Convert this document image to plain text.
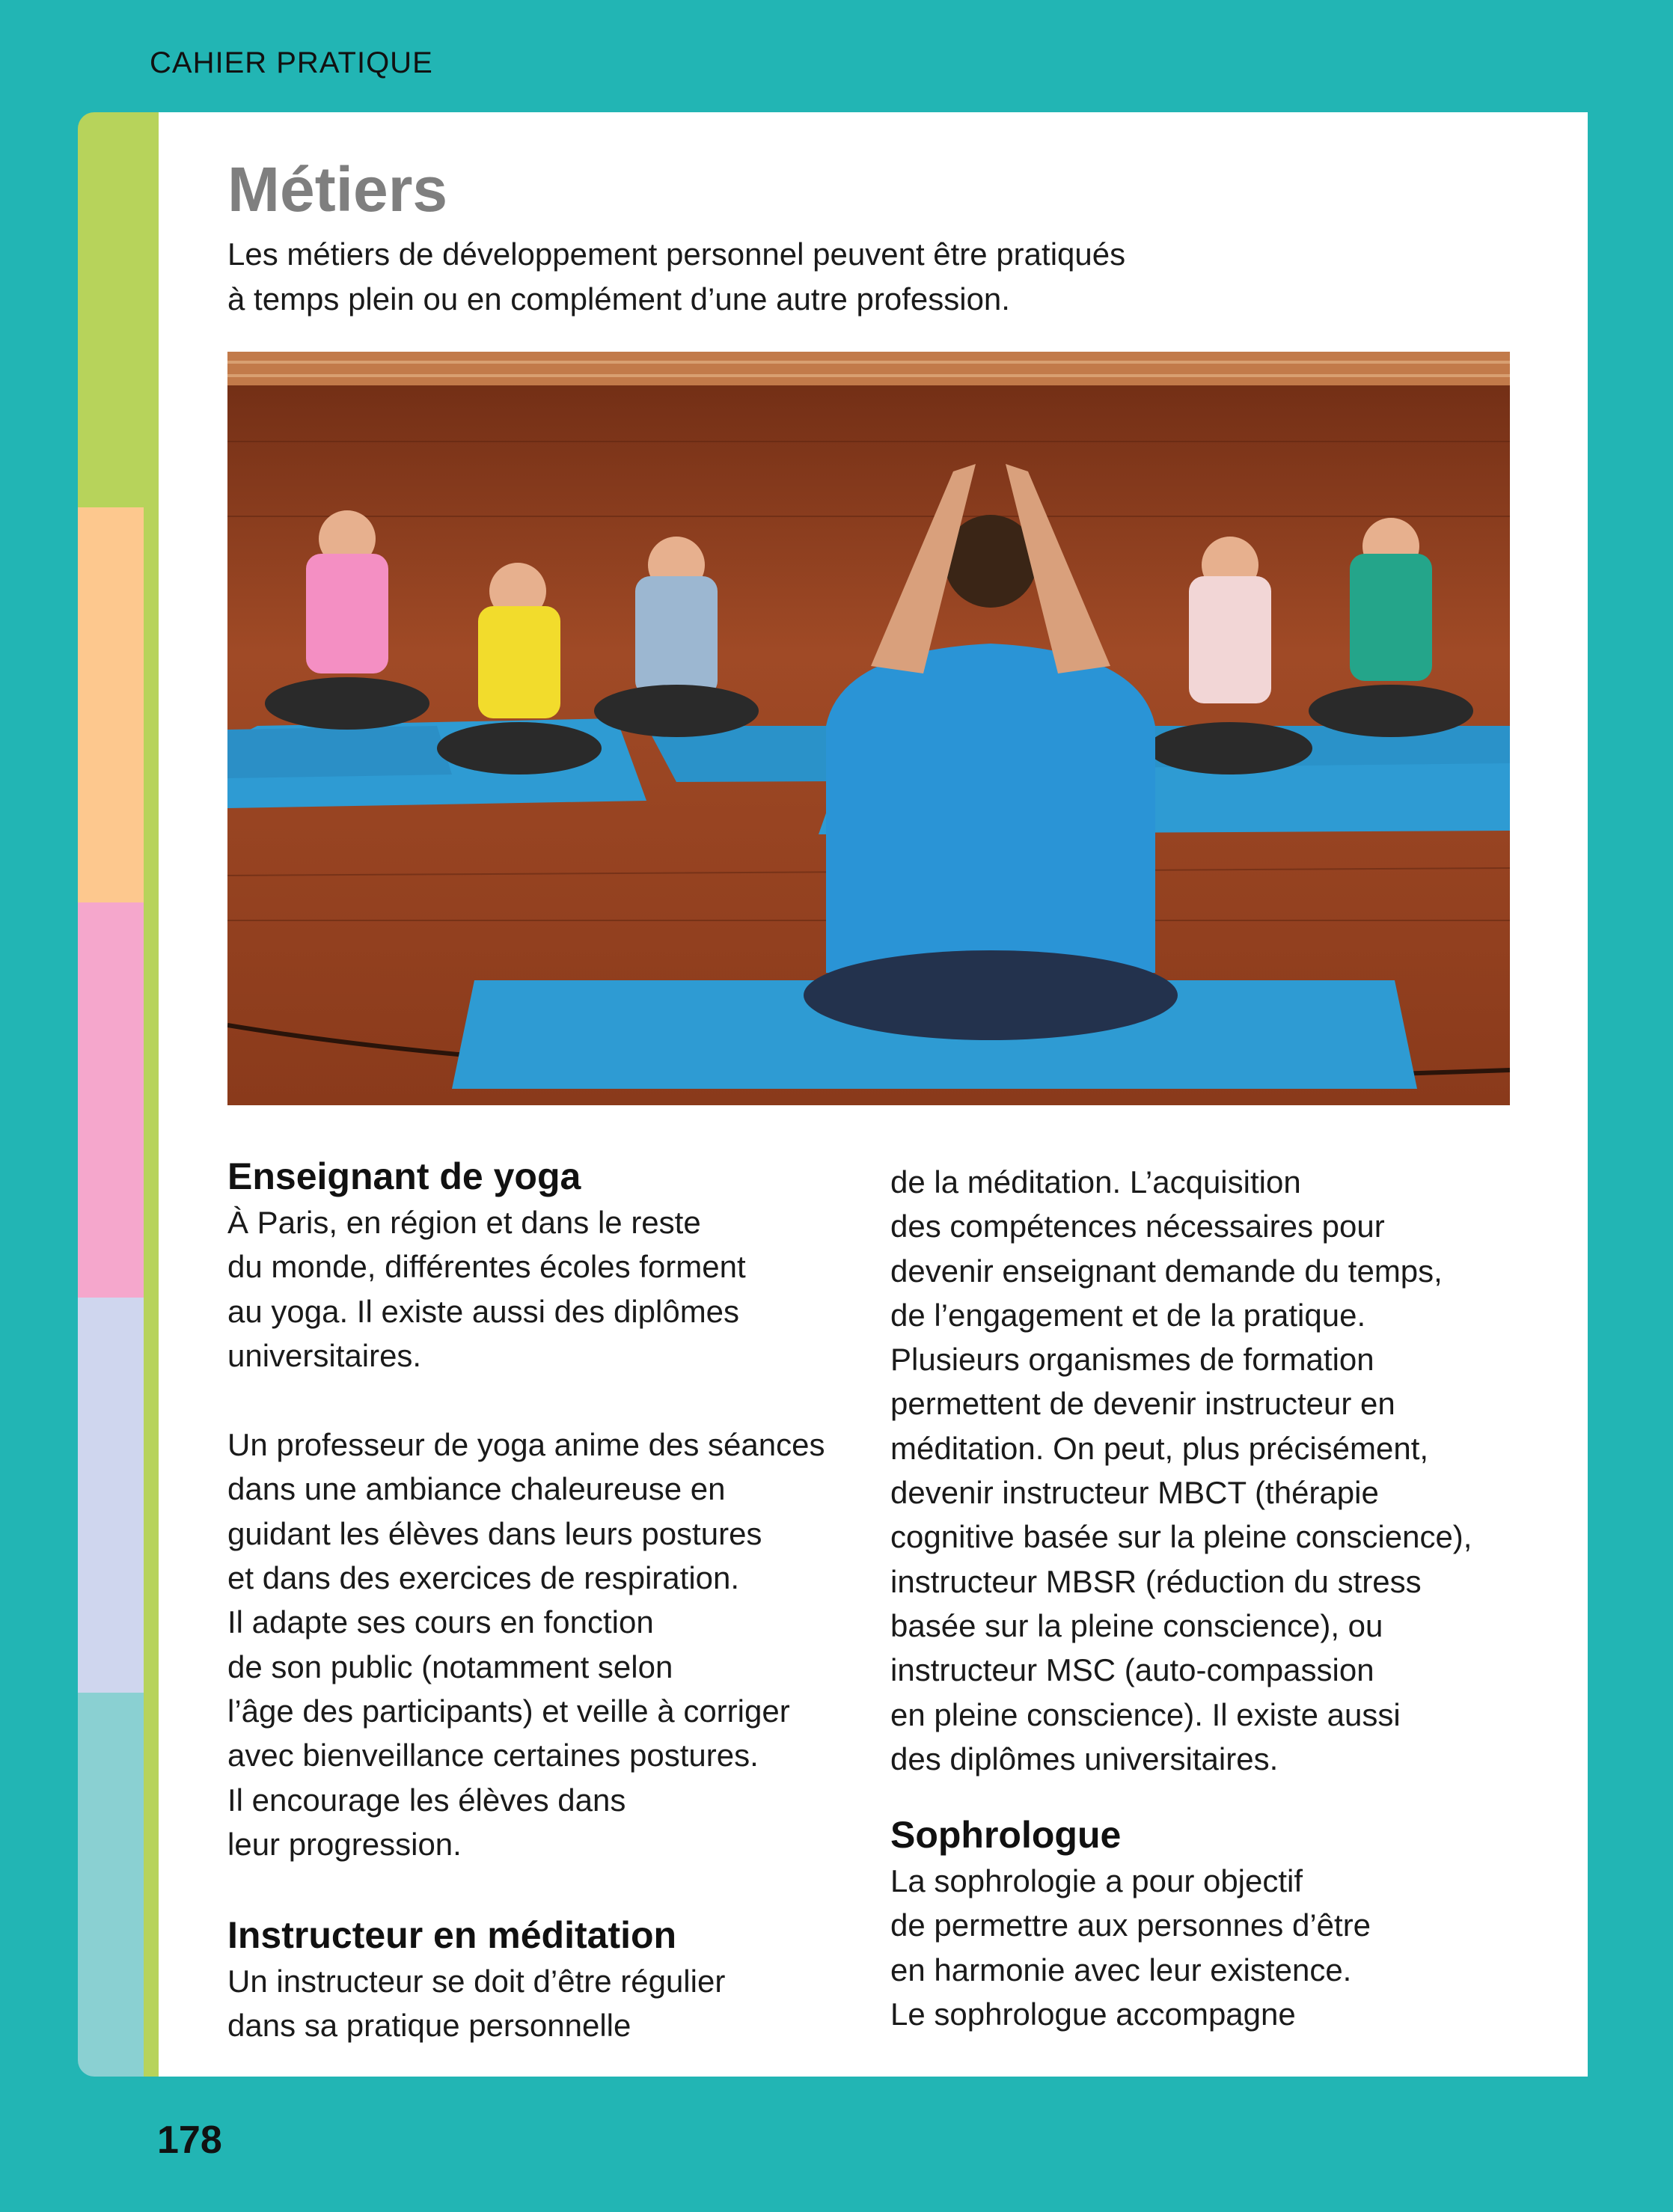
CAHIER PRATIQUE
Métiers
Les métiers de développement personnel peuvent être pratiqués
à temps plein ou en complément d’une autre profession.
Enseignant de yoga

À Paris, en région et dans le reste
du monde, différentes écoles forment
au yoga. Il existe aussi des diplômes
universitaires.

Un professeur de yoga anime des séances
dans une ambiance chaleureuse en
guidant les élèves dans leurs postures
et dans des exercices de respiration.
Il adapte ses cours en fonction
de son public (notamment selon
l’âge des participants) et veille à corriger
avec bienveillance certaines postures.
Il encourage les élèves dans
leur progression.

Instructeur en méditation

Un instructeur se doit d’être régulier
dans sa pratique personnelle

de la méditation. L’acquisition
des compétences nécessaires pour
devenir enseignant demande du temps,
de l’engagement et de la pratique.
Plusieurs organismes de formation
permettent de devenir instructeur en
méditation. On peut, plus précisément,
devenir instructeur MBCT (thérapie
cognitive basée sur la pleine conscience),
instructeur MBSR (réduction du stress
basée sur la pleine conscience), ou
instructeur MSC (auto-compassion
en pleine conscience). Il existe aussi
des diplômes universitaires.

Sophrologue

La sophrologie a pour objectif
de permettre aux personnes d’être
en harmonie avec leur existence.
Le sophrologue accompagne

178
